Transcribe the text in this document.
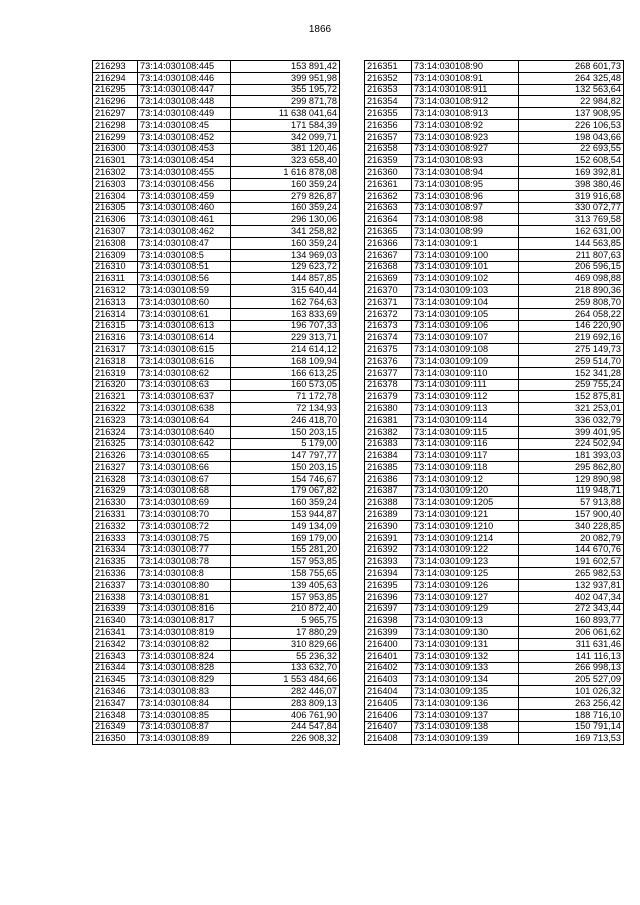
1866
216293	73:14:030108:445	153 891,42
216294	73:14:030108:446	399 951,98
216295	73:14:030108:447	355 195,72
216296	73:14:030108:448	299 871,78
216297	73:14:030108:449	11 638 041,64
216298	73:14:030108:45	171 584,39
216299	73:14:030108:452	342 099,71
216300	73:14:030108:453	381 120,46
216301	73:14:030108:454	323 658,40
216302	73:14:030108:455	1 616 878,08
216303	73:14:030108:456	160 359,24
216304	73:14:030108:459	279 826,87
216305	73:14:030108:460	160 359,24
216306	73:14:030108:461	296 130,06
216307	73:14:030108:462	341 258,82
216308	73:14:030108:47	160 359,24
216309	73:14:030108:5	134 969,03
216310	73:14:030108:51	129 623,72
216311	73:14:030108:56	144 857,85
216312	73:14:030108:59	315 640,44
216313	73:14:030108:60	162 764,63
216314	73:14:030108:61	163 833,69
216315	73:14:030108:613	196 707,33
216316	73:14:030108:614	229 313,71
216317	73:14:030108:615	214 614,12
216318	73:14:030108:616	168 109,94
216319	73:14:030108:62	166 613,25
216320	73:14:030108:63	160 573,05
216321	73:14:030108:637	71 172,78
216322	73:14:030108:638	72 134,93
216323	73:14:030108:64	246 418,70
216324	73:14:030108:640	150 203,15
216325	73:14:030108:642	5 179,00
216326	73:14:030108:65	147 797,77
216327	73:14:030108:66	150 203,15
216328	73:14:030108:67	154 746,67
216329	73:14:030108:68	179 067,82
216330	73:14:030108:69	160 359,24
216331	73:14:030108:70	153 944,87
216332	73:14:030108:72	149 134,09
216333	73:14:030108:75	169 179,00
216334	73:14:030108:77	155 281,20
216335	73:14:030108:78	157 953,85
216336	73:14:030108:8	158 755,65
216337	73:14:030108:80	139 405,63
216338	73:14:030108:81	157 953,85
216339	73:14:030108:816	210 872,40
216340	73:14:030108:817	5 965,75
216341	73:14:030108:819	17 880,29
216342	73:14:030108:82	310 829,66
216343	73:14:030108:824	55 236,32
216344	73:14:030108:828	133 632,70
216345	73:14:030108:829	1 553 484,66
216346	73:14:030108:83	282 446,07
216347	73:14:030108:84	283 809,13
216348	73:14:030108:85	406 761,90
216349	73:14:030108:87	244 547,84
216350	73:14:030108:89	226 908,32
216351	73:14:030108:90	268 601,73
216352	73:14:030108:91	264 325,48
216353	73:14:030108:911	132 563,64
216354	73:14:030108:912	22 984,82
216355	73:14:030108:913	137 908,95
216356	73:14:030108:92	226 106,53
216357	73:14:030108:923	198 043,66
216358	73:14:030108:927	22 693,55
216359	73:14:030108:93	152 608,54
216360	73:14:030108:94	169 392,81
216361	73:14:030108:95	398 380,46
216362	73:14:030108:96	319 916,68
216363	73:14:030108:97	330 072,77
216364	73:14:030108:98	313 769,58
216365	73:14:030108:99	162 631,00
216366	73:14:030109:1	144 563,85
216367	73:14:030109:100	211 807,63
216368	73:14:030109:101	206 596,15
216369	73:14:030109:102	469 098,88
216370	73:14:030109:103	218 890,36
216371	73:14:030109:104	259 808,70
216372	73:14:030109:105	264 058,22
216373	73:14:030109:106	146 220,90
216374	73:14:030109:107	219 692,16
216375	73:14:030109:108	275 149,73
216376	73:14:030109:109	259 514,70
216377	73:14:030109:110	152 341,28
216378	73:14:030109:111	259 755,24
216379	73:14:030109:112	152 875,81
216380	73:14:030109:113	321 253,01
216381	73:14:030109:114	336 032,79
216382	73:14:030109:115	399 401,95
216383	73:14:030109:116	224 502,94
216384	73:14:030109:117	181 393,03
216385	73:14:030109:118	295 862,80
216386	73:14:030109:12	129 890,98
216387	73:14:030109:120	119 948,71
216388	73:14:030109:1205	57 913,88
216389	73:14:030109:121	157 900,40
216390	73:14:030109:1210	340 228,85
216391	73:14:030109:1214	20 082,79
216392	73:14:030109:122	144 670,76
216393	73:14:030109:123	191 602,57
216394	73:14:030109:125	265 982,53
216395	73:14:030109:126	132 937,81
216396	73:14:030109:127	402 047,34
216397	73:14:030109:129	272 343,44
216398	73:14:030109:13	160 893,77
216399	73:14:030109:130	206 061,62
216400	73:14:030109:131	311 631,46
216401	73:14:030109:132	141 116,13
216402	73:14:030109:133	266 998,13
216403	73:14:030109:134	205 527,09
216404	73:14:030109:135	101 026,32
216405	73:14:030109:136	263 256,42
216406	73:14:030109:137	188 716,10
216407	73:14:030109:138	150 791,14
216408	73:14:030109:139	169 713,53
